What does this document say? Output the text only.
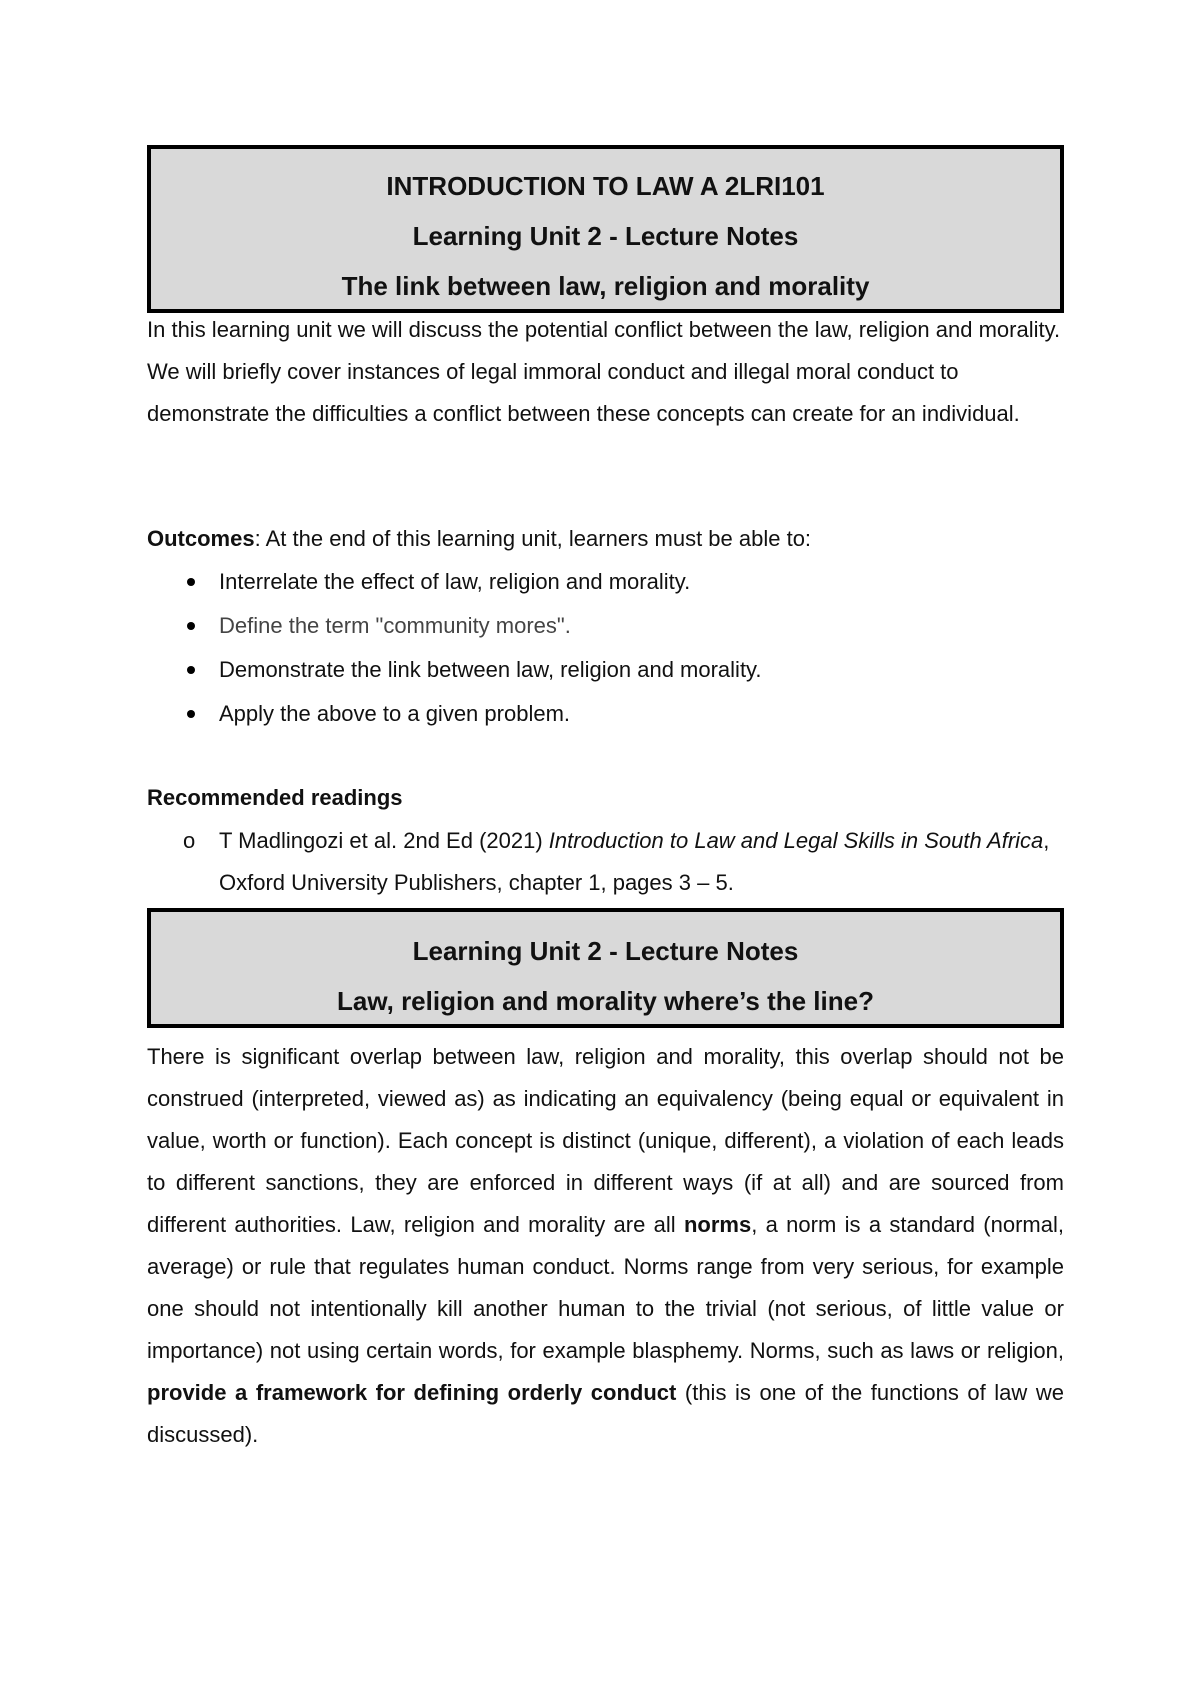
INTRODUCTION TO LAW A 2LRI101
Learning Unit 2 - Lecture Notes
The link between law, religion and morality

In this learning unit we will discuss the potential conflict between the law, religion and morality. We will briefly cover instances of legal immoral conduct and illegal moral conduct to demonstrate the difficulties a conflict between these concepts can create for an individual.

Outcomes: At the end of this learning unit, learners must be able to:

Interrelate the effect of law, religion and morality.
Define the term "community mores".
Demonstrate the link between law, religion and morality.
Apply the above to a given problem.

Recommended readings

o T Madlingozi et al. 2nd Ed (2021) Introduction to Law and Legal Skills in South Africa, Oxford University Publishers, chapter 1, pages 3 – 5.
Learning Unit 2 - Lecture Notes
Law, religion and morality where’s the line?

There is significant overlap between law, religion and morality, this overlap should not be construed (interpreted, viewed as) as indicating an equivalency (being equal or equivalent in value, worth or function). Each concept is distinct (unique, different), a violation of each leads to different sanctions, they are enforced in different ways (if at all) and are sourced from different authorities. Law, religion and morality are all norms, a norm is a standard (normal, average) or rule that regulates human conduct. Norms range from very serious, for example one should not intentionally kill another human to the trivial (not serious, of little value or importance) not using certain words, for example blasphemy. Norms, such as laws or religion, provide a framework for defining orderly conduct (this is one of the functions of law we discussed).
